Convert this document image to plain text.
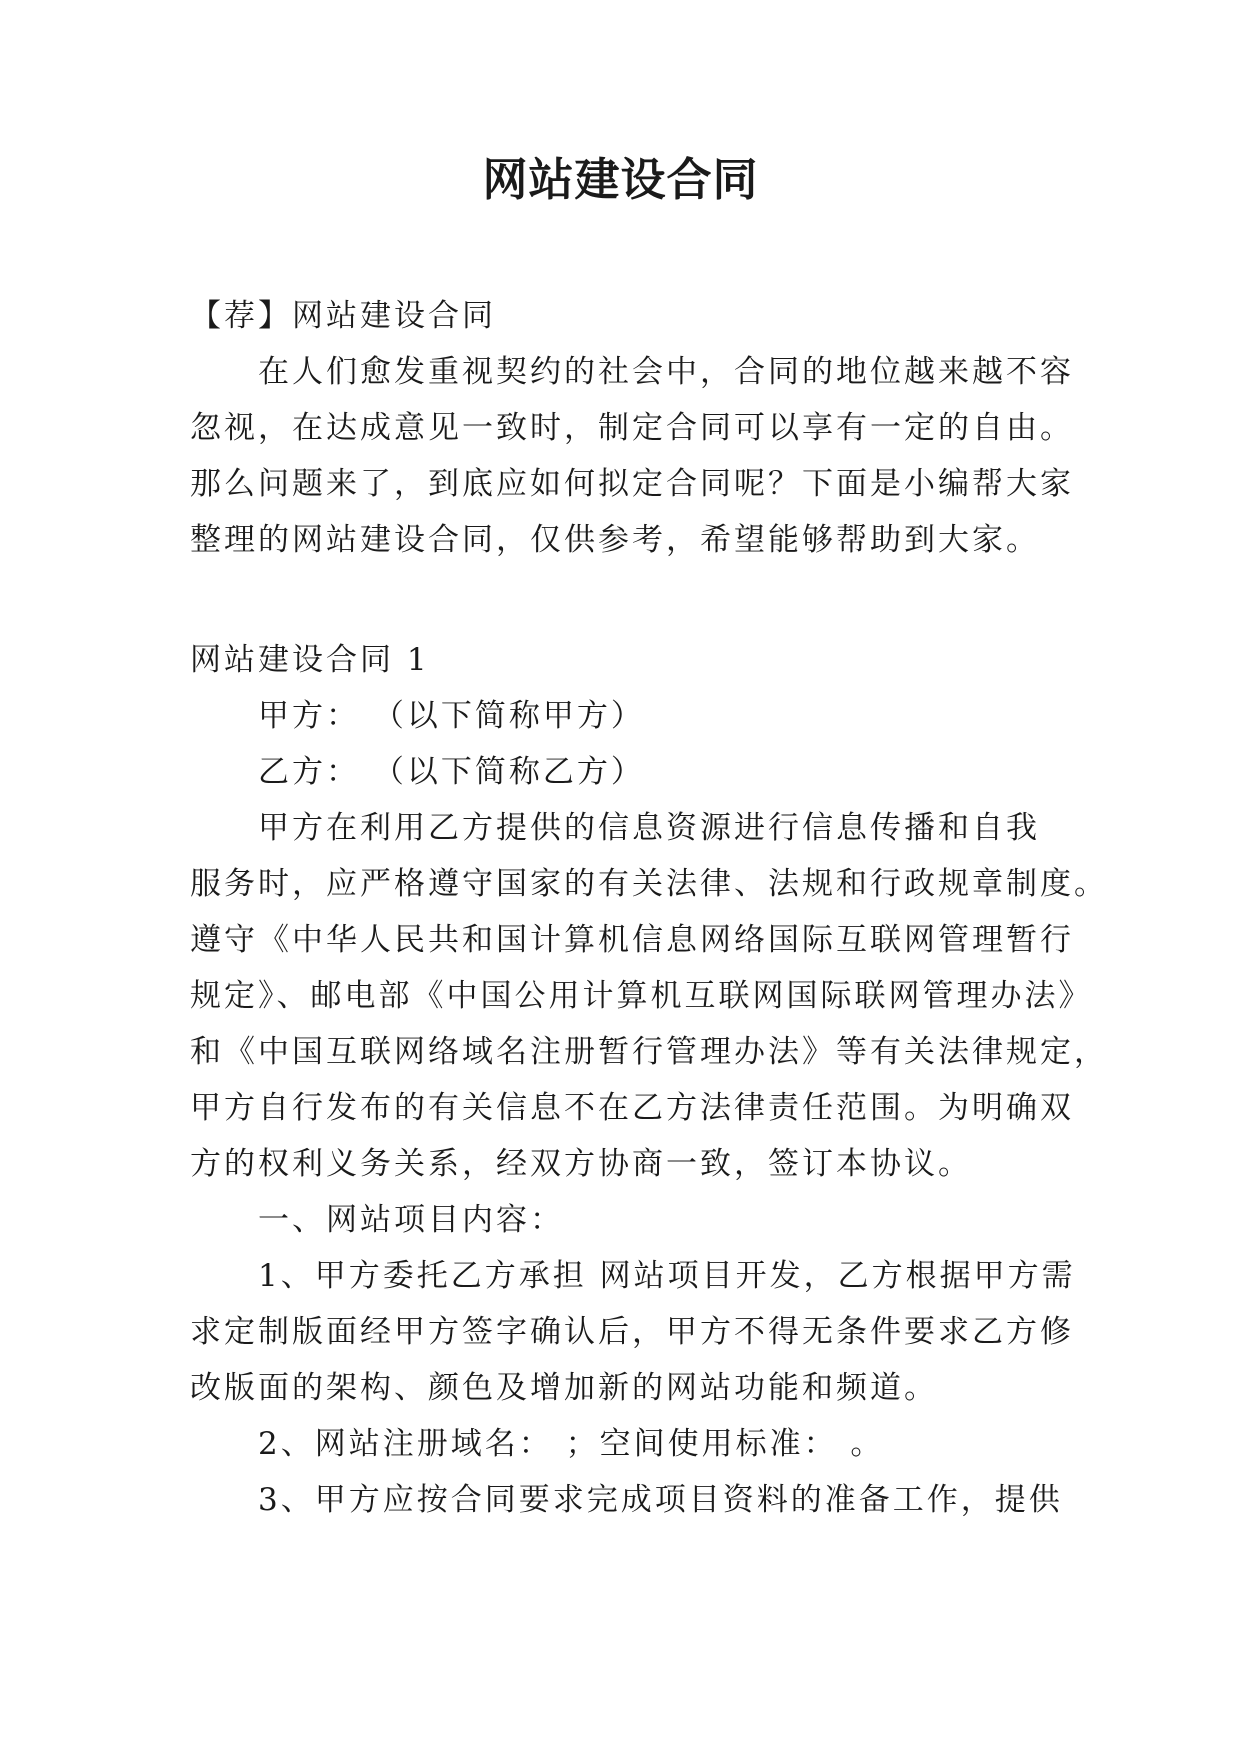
网站建设合同
【荐】网站建设合同
在人们愈发重视契约的社会中，合同的地位越来越不容
忽视，在达成意见一致时，制定合同可以享有一定的自由。
那么问题来了，到底应如何拟定合同呢？下面是小编帮大家
整理的网站建设合同，仅供参考，希望能够帮助到大家。
网站建设合同 1
甲方： （以下简称甲方）
乙方： （以下简称乙方）
甲方在利用乙方提供的信息资源进行信息传播和自我
服务时，应严格遵守国家的有关法律、法规和行政规章制度。
遵守《中华人民共和国计算机信息网络国际互联网管理暂行
规定》、邮电部《中国公用计算机互联网国际联网管理办法》
和《中国互联网络域名注册暂行管理办法》等有关法律规定，
甲方自行发布的有关信息不在乙方法律责任范围。为明确双
方的权利义务关系，经双方协商一致，签订本协议。
一、网站项目内容：
1、甲方委托乙方承担 网站项目开发，乙方根据甲方需
求定制版面经甲方签字确认后，甲方不得无条件要求乙方修
改版面的架构、颜色及增加新的网站功能和频道。
2、网站注册域名： ；空间使用标准： 。
3、甲方应按合同要求完成项目资料的准备工作，提供
